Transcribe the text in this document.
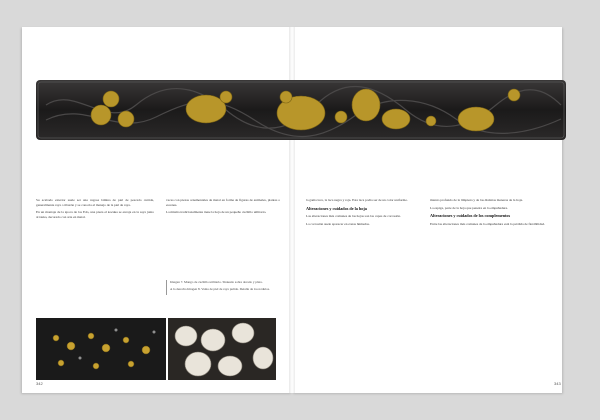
Su acabado exterior suele ser una rugosa lámina de piel de pescado curtida, generalmente raya o tiburón y se conocía el manejo de la piel de raya.

En un montaje de la época de los Edo, una pieza el kozuka se encaja en la saya junto al tsuka, decorado con arte en metal.

veces con piezas ornamentales de metal en forma de figuras de animales, plantas o escenas.

La misma tradicionalmente tiene la hoja de un pequeño cuchillo utilitario.

Imagen 7. Mango de cuchillo utilitario. Shakudo sobre dorado y plata.

A la derecha Imagen 8. Vaina de piel de raya pulida. Detalle de los nódulos.

la gama laca, la laca negra y roja. Esta laca podía ser de un color uniforme.

Alteraciones y cuidados de la hoja

Las alteraciones más comunes de las hojas son las capas de corrosión.

La corrosión suele aparecer en zonas húmedas.

miento profundo de la limpieza y de las distintas maneras de la hoja.

La espiga, parte de la hoja que penetra en la empuñadura.

Alteraciones y cuidados de los complementos

Entre las alteraciones más comunes de la empuñadura está la pérdida de flexibilidad.

342	343
